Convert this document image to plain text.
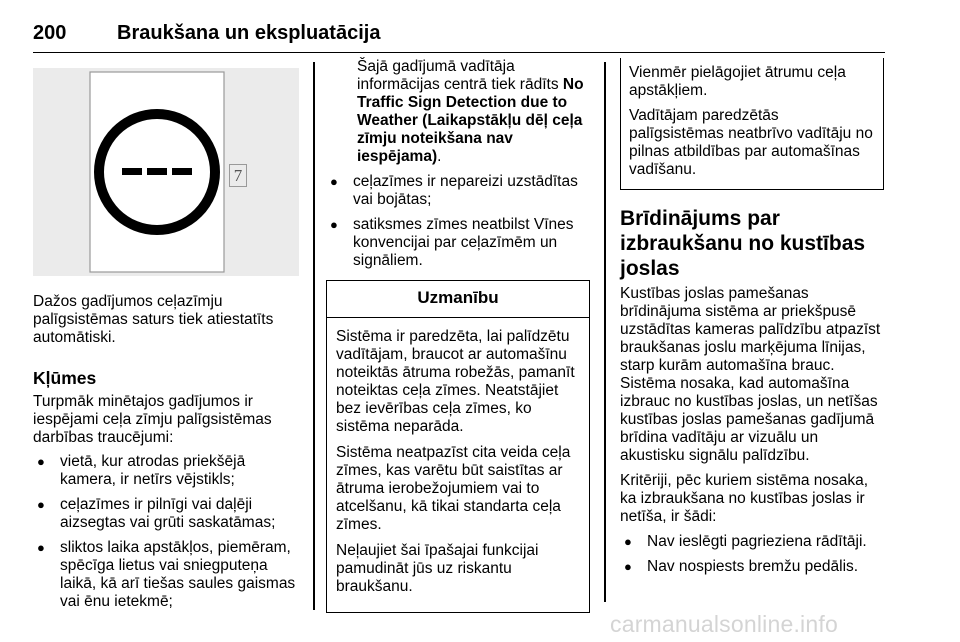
200	Braukšana un ekspluatācija
7

Dažos gadījumos ceļazīmju palīgsistēmas saturs tiek atiestatīts automātiski.

Kļūmes

Turpmāk minētajos gadījumos ir iespējami ceļa zīmju palīgsistēmas darbības traucējumi:

● vietā, kur atrodas priekšējā kamera, ir netīrs vējstikls;
● ceļazīmes ir pilnīgi vai daļēji aizsegtas vai grūti saskatāmas;
● sliktos laika apstākļos, piemēram, spēcīga lietus vai sniegputeņa laikā, kā arī tiešas saules gaismas vai ēnu ietekmē;

Šajā gadījumā vadītāja informācijas centrā tiek rādīts No Traffic Sign Detection due to Weather (Laikapstākļu dēļ ceļa zīmju noteikšana nav iespējama).

● ceļazīmes ir nepareizi uzstādītas vai bojātas;
● satiksmes zīmes neatbilst Vīnes konvencijai par ceļazīmēm un signāliem.
Uzmanību

Sistēma ir paredzēta, lai palīdzētu vadītājam, braucot ar automašīnu noteiktās ātruma robežās, pamanīt noteiktas ceļa zīmes. Neatstājiet bez ievērības ceļa zīmes, ko sistēma neparāda.

Sistēma neatpazīst cita veida ceļa zīmes, kas varētu būt saistītas ar ātruma ierobežojumiem vai to atcelšanu, kā tikai standarta ceļa zīmes.

Neļaujiet šai īpašajai funkcijai pamudināt jūs uz riskantu braukšanu.

Vienmēr pielāgojiet ātrumu ceļa apstākļiem.

Vadītājam paredzētās palīgsistēmas neatbrīvo vadītāju no pilnas atbildības par automašīnas vadīšanu.

Brīdinājums par izbraukšanu no kustības joslas

Kustības joslas pamešanas brīdinājuma sistēma ar priekšpusē uzstādītas kameras palīdzību atpazīst braukšanas joslu marķējuma līnijas, starp kurām automašīna brauc. Sistēma nosaka, kad automašīna izbrauc no kustības joslas, un netīšas kustības joslas pamešanas gadījumā brīdina vadītāju ar vizuālu un akustisku signālu palīdzību.

Kritēriji, pēc kuriem sistēma nosaka, ka izbraukšana no kustības joslas ir netīša, ir šādi:

● Nav ieslēgti pagrieziena rādītāji.
● Nav nospiests bremžu pedālis.
carmanualsonline.info
